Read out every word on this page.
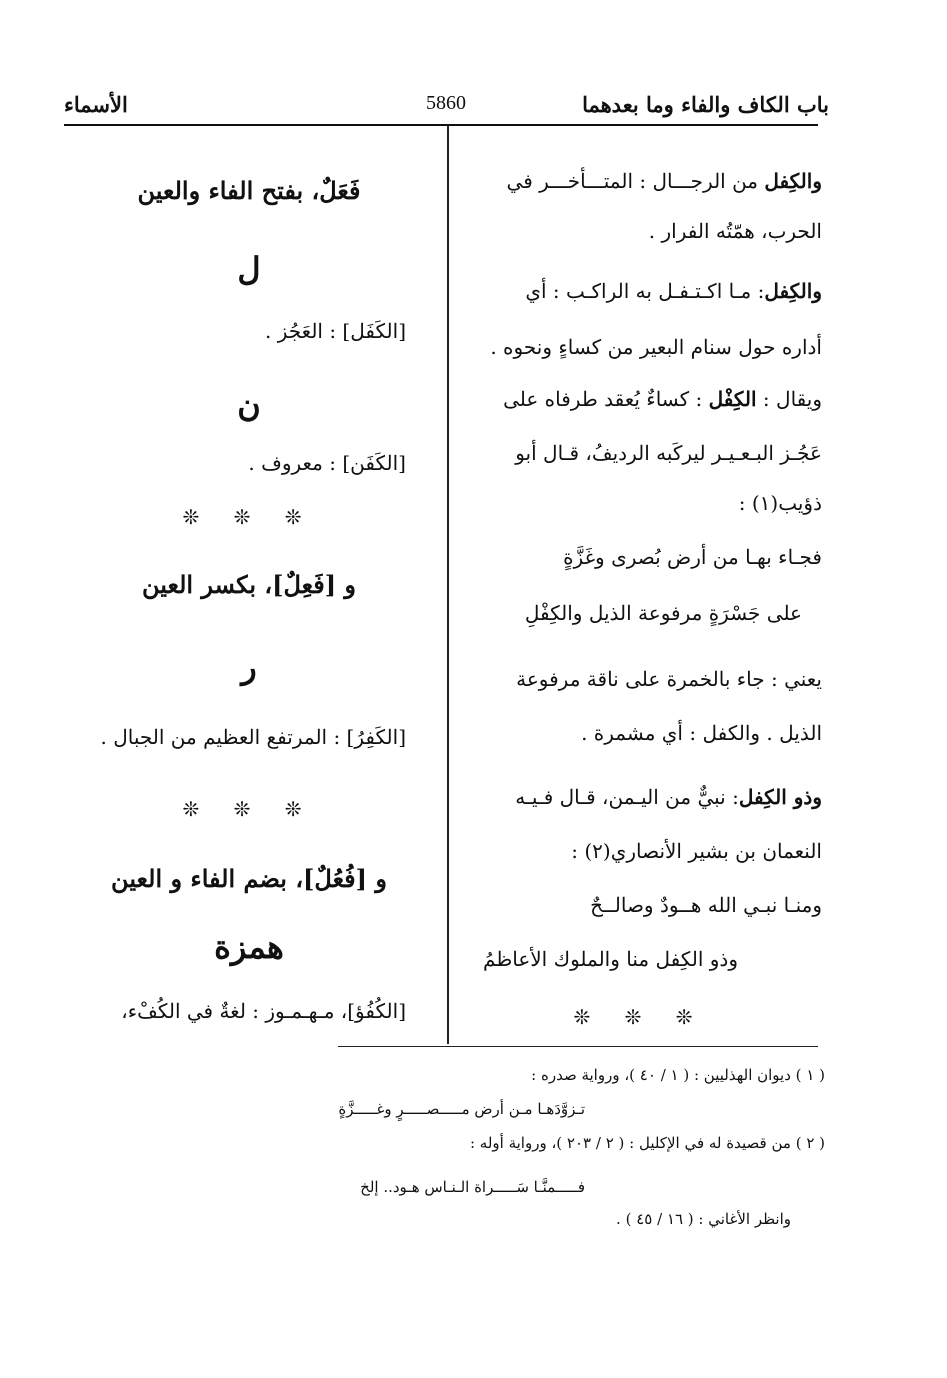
باب الكاف والفاء وما بعدهما
5860
الأسماء
والكِفل من الرجـــال : المتـــأخـــر في
الحرب، همّتُه الفرار .
والكِفل: مـا اكـتـفـل به الراكـب : أي
أداره حول سنام البعير من كساءٍ ونحوه .
ويقال : الكِفْل : كساءٌ يُعقد طرفاه على
عَجُـز البـعـيـر ليركَبه الرديفُ، قـال أبو
ذؤيب(١) :
فجـاء بهـا من أرض بُصرى وغَزَّةٍ
على جَسْرَةٍ مرفوعة الذيل والكِفْلِ
يعني : جاء بالخمرة على ناقة مرفوعة
الذيل . والكفل : أي مشمرة .
وذو الكِفل: نبيٌّ من اليـمن، قـال فـيـه
النعمان بن بشير الأنصاري(٢) :
ومنـا نبـي الله هــودٌ وصالــحٌ
وذو الكِفل منا والملوك الأعاظمُ
❊ ❊ ❊
فَعَلٌ، بفتح الفاء والعين
ل
[الكَفَل] : العَجُز .
ن
[الكَفَن] : معروف .
❊ ❊ ❊
و [فَعِلٌ]، بكسر العين
ر
[الكَفِرُ] : المرتفع العظيم من الجبال .
❊ ❊ ❊
و [فُعُلٌ]، بضم الفاء و العين
همزة
[الكُفُؤ]، مـهـمـوز : لغةٌ في الكُفْء،
( ١ ) ديوان الهذليين : ( ١ / ٤٠ )، ورواية صدره :
تـزوَّدَهـا مـن أرض مـــــصـــــرٍ وغـــــزَّةٍ
( ٢ ) من قصيدة له في الإكليل : ( ٢ / ٢٠٣ )، ورواية أوله :
فـــــمنَّـا سَـــــراة الـنـاس هـود.. إلخ
وانظر الأغاني : ( ١٦ / ٤٥ ) .
